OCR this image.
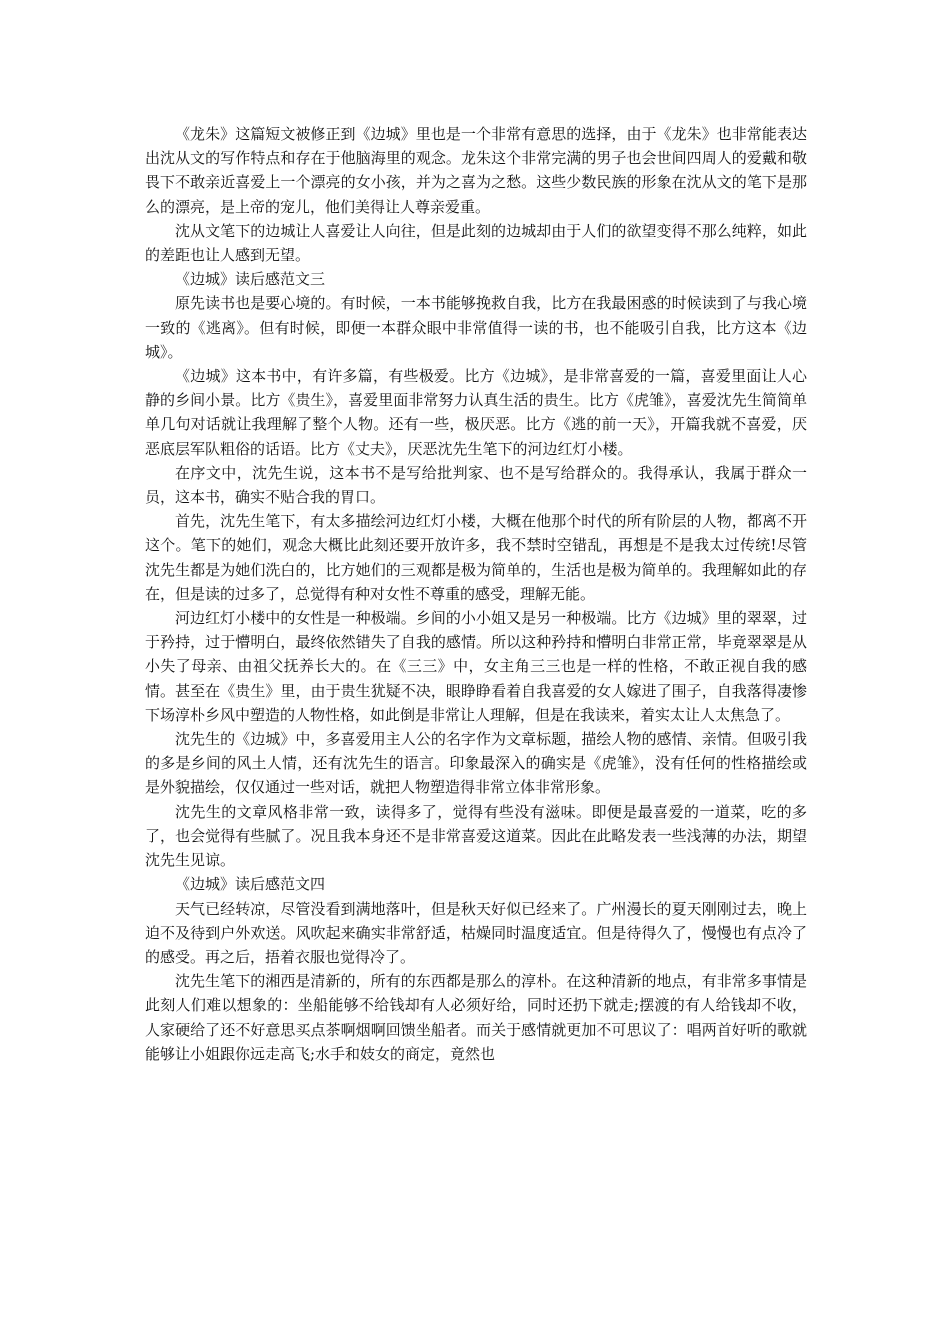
《龙朱》这篇短文被修正到《边城》里也是一个非常有意思的选择，由于《龙朱》也非常能表达出沈从文的写作特点和存在于他脑海里的观念。龙朱这个非常完满的男子也会世间四周人的爱戴和敬畏下不敢亲近喜爱上一个漂亮的女小孩，并为之喜为之愁。这些少数民族的形象在沈从文的笔下是那么的漂亮，是上帝的宠儿，他们美得让人尊亲爱重。

沈从文笔下的边城让人喜爱让人向往，但是此刻的边城却由于人们的欲望变得不那么纯粹，如此的差距也让人感到无望。

《边城》读后感范文三

原先读书也是要心境的。有时候，一本书能够挽救自我，比方在我最困惑的时候读到了与我心境一致的《逃离》。但有时候，即便一本群众眼中非常值得一读的书，也不能吸引自我，比方这本《边城》。

《边城》这本书中，有许多篇，有些极爱。比方《边城》，是非常喜爱的一篇，喜爱里面让人心静的乡间小景。比方《贵生》，喜爱里面非常努力认真生活的贵生。比方《虎雏》，喜爱沈先生简简单单几句对话就让我理解了整个人物。还有一些，极厌恶。比方《逃的前一天》，开篇我就不喜爱，厌恶底层军队粗俗的话语。比方《丈夫》，厌恶沈先生笔下的河边红灯小楼。

在序文中，沈先生说，这本书不是写给批判家、也不是写给群众的。我得承认，我属于群众一员，这本书，确实不贴合我的胃口。

首先，沈先生笔下，有太多描绘河边红灯小楼，大概在他那个时代的所有阶层的人物，都离不开这个。笔下的她们，观念大概比此刻还要开放许多，我不禁时空错乱，再想是不是我太过传统!尽管沈先生都是为她们洗白的，比方她们的三观都是极为简单的，生活也是极为简单的。我理解如此的存在，但是读的过多了，总觉得有种对女性不尊重的感受，理解无能。

河边红灯小楼中的女性是一种极端。乡间的小小姐又是另一种极端。比方《边城》里的翠翠，过于矜持，过于懵明白，最终依然错失了自我的感情。所以这种矜持和懵明白非常正常，毕竟翠翠是从小失了母亲、由祖父抚养长大的。在《三三》中，女主角三三也是一样的性格，不敢正视自我的感情。甚至在《贵生》里，由于贵生犹疑不决，眼睁睁看着自我喜爱的女人嫁进了围子，自我落得凄惨下场淳朴乡风中塑造的人物性格，如此倒是非常让人理解，但是在我读来，着实太让人太焦急了。

沈先生的《边城》中，多喜爱用主人公的名字作为文章标题，描绘人物的感情、亲情。但吸引我的多是乡间的风土人情，还有沈先生的语言。印象最深入的确实是《虎雏》，没有任何的性格描绘或是外貌描绘，仅仅通过一些对话，就把人物塑造得非常立体非常形象。

沈先生的文章风格非常一致，读得多了，觉得有些没有滋味。即便是最喜爱的一道菜，吃的多了，也会觉得有些腻了。况且我本身还不是非常喜爱这道菜。因此在此略发表一些浅薄的办法，期望沈先生见谅。

《边城》读后感范文四

天气已经转凉，尽管没看到满地落叶，但是秋天好似已经来了。广州漫长的夏天刚刚过去，晚上迫不及待到户外欢送。风吹起来确实非常舒适，枯燥同时温度适宜。但是待得久了，慢慢也有点冷了的感受。再之后，捂着衣服也觉得冷了。

沈先生笔下的湘西是清新的，所有的东西都是那么的淳朴。在这种清新的地点，有非常多事情是此刻人们难以想象的：坐船能够不给钱却有人必须好给，同时还扔下就走;摆渡的有人给钱却不收，人家硬给了还不好意思买点茶啊烟啊回馈坐船者。而关于感情就更加不可思议了：唱两首好听的歌就能够让小姐跟你远走高飞;水手和妓女的商定，竟然也
